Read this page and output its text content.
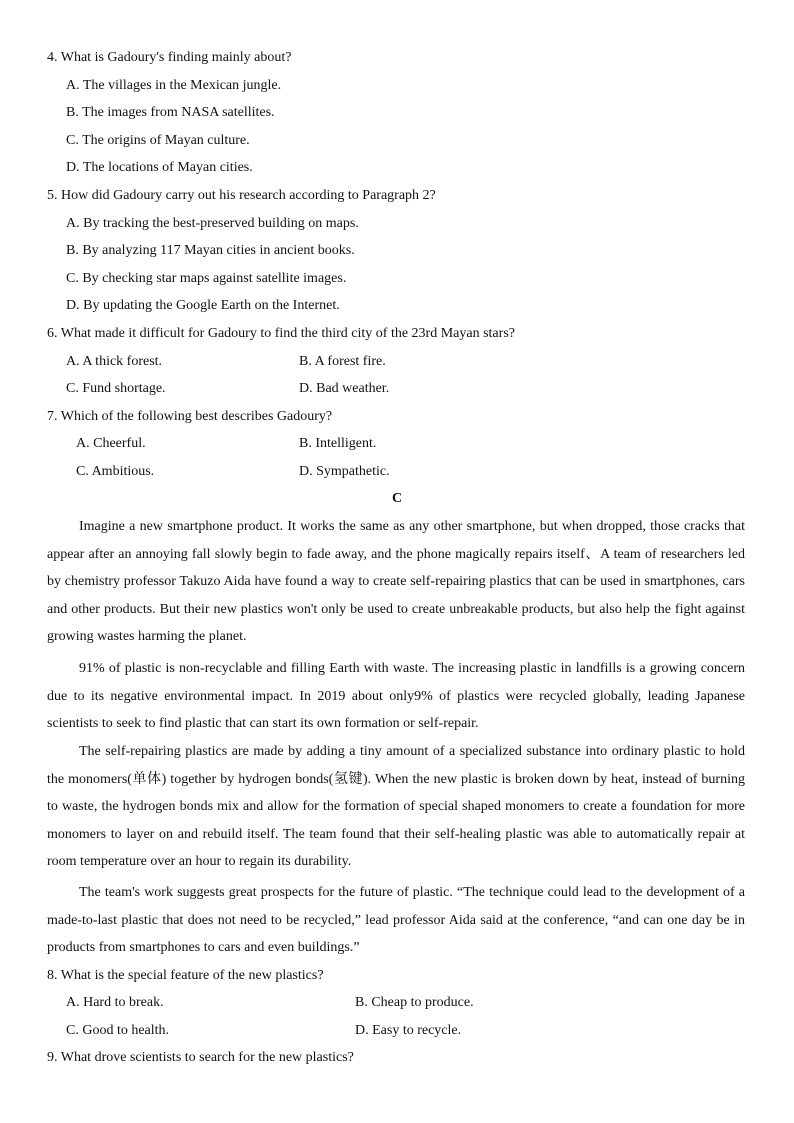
4. What is Gadoury's finding mainly about?
A. The villages in the Mexican jungle.
B. The images from NASA satellites.
C. The origins of Mayan culture.
D. The locations of Mayan cities.
5. How did Gadoury carry out his research according to Paragraph 2?
A. By tracking the best-preserved building on maps.
B. By analyzing 117 Mayan cities in ancient books.
C. By checking star maps against satellite images.
D. By updating the Google Earth on the Internet.
6. What made it difficult for Gadoury to find the third city of the 23rd Mayan stars?
A. A thick forest.	B. A forest fire.
C. Fund shortage.	D. Bad weather.
7. Which of the following best describes Gadoury?
A. Cheerful.	B. Intelligent.
C. Ambitious.	D. Sympathetic.
C
Imagine a new smartphone product. It works the same as any other smartphone, but when dropped, those cracks that appear after an annoying fall slowly begin to fade away, and the phone magically repairs itself、A team of researchers led by chemistry professor Takuzo Aida have found a way to create self-repairing plastics that can be used in smartphones, cars and other products. But their new plastics won't only be used to create unbreakable products, but also help the fight against growing wastes harming the planet.
91% of plastic is non-recyclable and filling Earth with waste. The increasing plastic in landfills is a growing concern due to its negative environmental impact. In 2019 about only9% of plastics were recycled globally, leading Japanese scientists to seek to find plastic that can start its own formation or self-repair.
The self-repairing plastics are made by adding a tiny amount of a specialized substance into ordinary plastic to hold the monomers(单体) together by hydrogen bonds(氢键). When the new plastic is broken down by heat, instead of burning to waste, the hydrogen bonds mix and allow for the formation of special shaped monomers to create a foundation for more monomers to layer on and rebuild itself. The team found that their self-healing plastic was able to automatically repair at room temperature over an hour to regain its durability.
The team's work suggests great prospects for the future of plastic. “The technique could lead to the development of a made-to-last plastic that does not need to be recycled,” lead professor Aida said at the conference, “and can one day be in products from smartphones to cars and even buildings.”
8. What is the special feature of the new plastics?
A. Hard to break.	B. Cheap to produce.
C. Good to health.	D. Easy to recycle.
9. What drove scientists to search for the new plastics?
